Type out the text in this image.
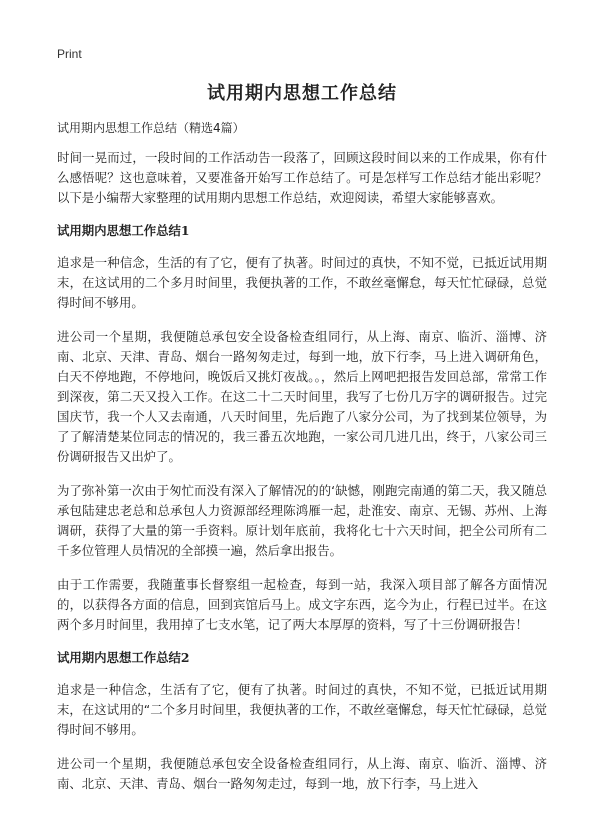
Print
试用期内思想工作总结

试用期内思想工作总结（精选4篇）

时间一晃而过，一段时间的工作活动告一段落了，回顾这段时间以来的工作成果，你有什么感悟呢？这也意味着，又要准备开始写工作总结了。可是怎样写工作总结才能出彩呢？以下是小编帮大家整理的试用期内思想工作总结，欢迎阅读，希望大家能够喜欢。

试用期内思想工作总结1

追求是一种信念，生活的有了它，便有了执著。时间过的真快，不知不觉，已抵近试用期末，在这试用的二个多月时间里，我便执著的工作，不敢丝毫懈怠，每天忙忙碌碌，总觉得时间不够用。

进公司一个星期，我便随总承包安全设备检查组同行，从上海、南京、临沂、淄博、济南、北京、天津、青岛、烟台一路匆匆走过，每到一地，放下行李，马上进入调研角色，白天不停地跑，不停地问，晚饭后又挑灯夜战。。，然后上网吧把报告发回总部，常常工作到深夜，第二天又投入工作。在这二十二天时间里，我写了七份几万字的调研报告。过完国庆节，我一个人又去南通，八天时间里，先后跑了八家分公司，为了找到某位领导，为了了解清楚某位同志的情况的，我三番五次地跑，一家公司几进几出，终于，八家公司三份调研报告又出炉了。

为了弥补第一次由于匆忙而没有深入了解情况的的‘缺憾，刚跑完南通的第二天，我又随总承包陆建忠老总和总承包人力资源部经理陈鸿雁一起，赴淮安、南京、无锡、苏州、上海调研，获得了大量的第一手资料。原计划年底前，我将化七十六天时间，把全公司所有二千多位管理人员情况的全部摸一遍，然后拿出报告。

由于工作需要，我随董事长督察组一起检查，每到一站，我深入项目部了解各方面情况的，以获得各方面的信息，回到宾馆后马上。成文字东西，迄今为止，行程已过半。在这两个多月时间里，我用掉了七支水笔，记了两大本厚厚的资料，写了十三份调研报告！

试用期内思想工作总结2

追求是一种信念，生活有了它，便有了执著。时间过的真快，不知不觉，已抵近试用期末，在这试用的“二个多月时间里，我便执著的工作，不敢丝毫懈怠，每天忙忙碌碌，总觉得时间不够用。

进公司一个星期，我便随总承包安全设备检查组同行，从上海、南京、临沂、淄博、济南、北京、天津、青岛、烟台一路匆匆走过，每到一地，放下行李，马上进入
